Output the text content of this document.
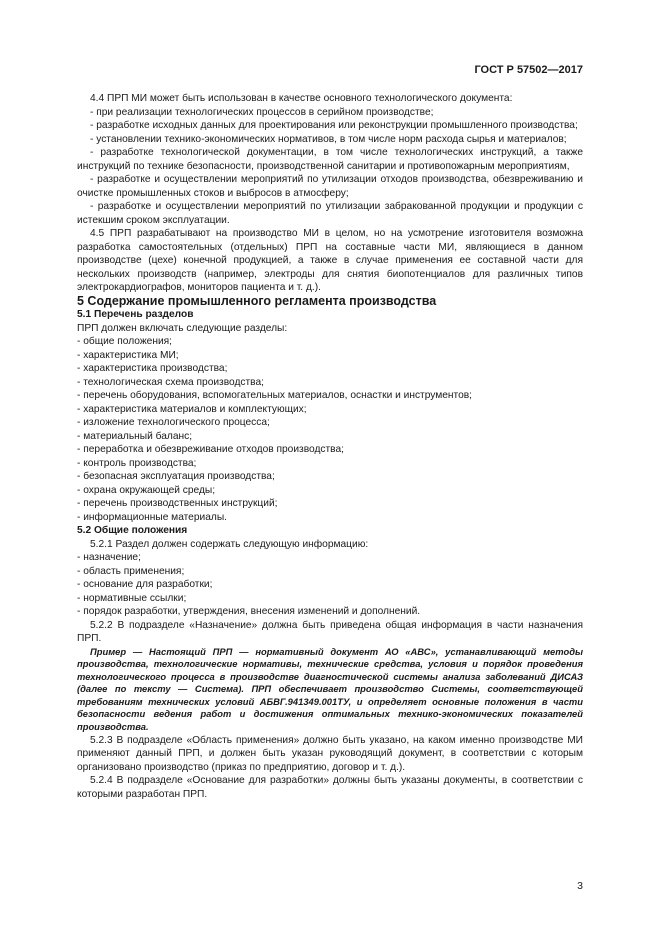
ГОСТ Р 57502—2017

4.4 ПРП МИ может быть использован в качестве основного технологического документа:

- при реализации технологических процессов в серийном производстве;

- разработке исходных данных для проектирования или реконструкции промышленного производства;

- установлении технико-экономических нормативов, в том числе норм расхода сырья и материалов;

- разработке технологической документации, в том числе технологических инструкций, а также инструкций по технике безопасности, производственной санитарии и противопожарным мероприятиям,

- разработке и осуществлении мероприятий по утилизации отходов производства, обезвреживанию и очистке промышленных стоков и выбросов в атмосферу;

- разработке и осуществлении мероприятий по утилизации забракованной продукции и продукции с истекшим сроком эксплуатации.

4.5 ПРП разрабатывают на производство МИ в целом, но на усмотрение изготовителя возможна разработка самостоятельных (отдельных) ПРП на составные части МИ, являющиеся в данном производстве (цехе) конечной продукцией, а также в случае применения ее составной части для нескольких производств (например, электроды для снятия биопотенциалов для различных типов электрокардиографов, мониторов пациента и т. д.).

5 Содержание промышленного регламента производства

5.1 Перечень разделов

ПРП должен включать следующие разделы:

- общие положения;

- характеристика МИ;

- характеристика производства;

- технологическая схема производства;

- перечень оборудования, вспомогательных материалов, оснастки и инструментов;

- характеристика материалов и комплектующих;

- изложение технологического процесса;

- материальный баланс;

- переработка и обезвреживание отходов производства;

- контроль производства;

- безопасная эксплуатация производства;

- охрана окружающей среды;

- перечень производственных инструкций;

- информационные материалы.

5.2 Общие положения

5.2.1 Раздел должен содержать следующую информацию:

- назначение;

- область применения;

- основание для разработки;

- нормативные ссылки;

- порядок разработки, утверждения, внесения изменений и дополнений.

5.2.2 В подразделе «Назначение» должна быть приведена общая информация в части назначения ПРП.

Пример — Настоящий ПРП — нормативный документ АО «АВС», устанавливающий методы производства, технологические нормативы, технические средства, условия и порядок проведения технологического процесса в производстве диагностической системы анализа заболеваний ДИСАЗ (далее по тексту — Система). ПРП обеспечивает производство Системы, соответствующей требованиям технических условий АБВГ.941349.001ТУ, и определяет основные положения в части безопасности ведения работ и достижения оптимальных технико-экономических показателей производства.

5.2.3 В подразделе «Область применения» должно быть указано, на каком именно производстве МИ применяют данный ПРП, и должен быть указан руководящий документ, в соответствии с которым организовано производство (приказ по предприятию, договор и т. д.).

5.2.4 В подразделе «Основание для разработки» должны быть указаны документы, в соответствии с которыми разработан ПРП.

3
